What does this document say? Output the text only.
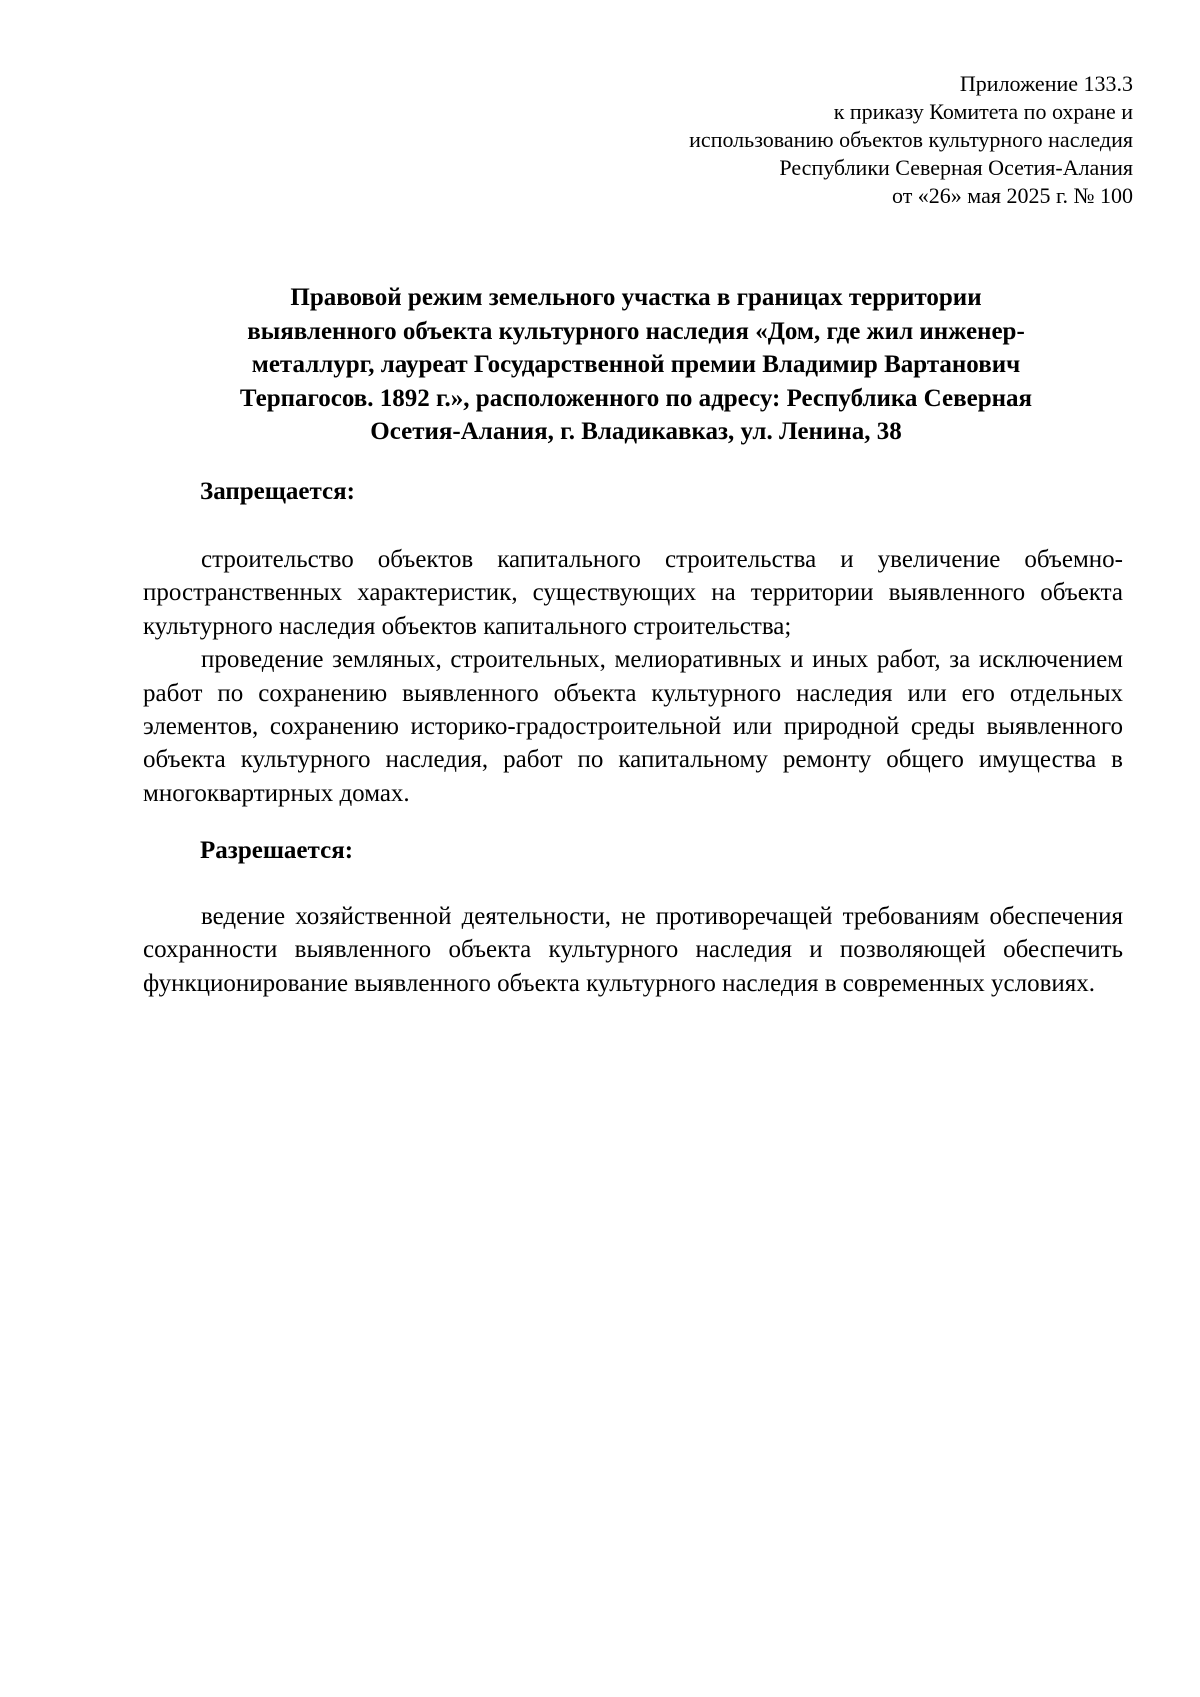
Приложение 133.3
к приказу Комитета по охране и
использованию объектов культурного наследия
Республики Северная Осетия-Алания
от «26» мая 2025 г. № 100
Правовой режим земельного участка в границах территории
выявленного объекта культурного наследия «Дом, где жил инженер-
металлург, лауреат Государственной премии Владимир Вартанович
Терпагосов. 1892 г.», расположенного по адресу: Республика Северная
Осетия-Алания, г. Владикавказ, ул. Ленина, 38
Запрещается:

строительство объектов капитального строительства и увеличение объемно-пространственных характеристик, существующих на территории выявленного объекта культурного наследия объектов капитального строительства;

проведение земляных, строительных, мелиоративных и иных работ, за исключением работ по сохранению выявленного объекта культурного наследия или его отдельных элементов, сохранению историко-градостроительной или природной среды выявленного объекта культурного наследия, работ по капитальному ремонту общего имущества в многоквартирных домах.

Разрешается:

ведение хозяйственной деятельности, не противоречащей требованиям обеспечения сохранности выявленного объекта культурного наследия и позволяющей обеспечить функционирование выявленного объекта культурного наследия в современных условиях.
